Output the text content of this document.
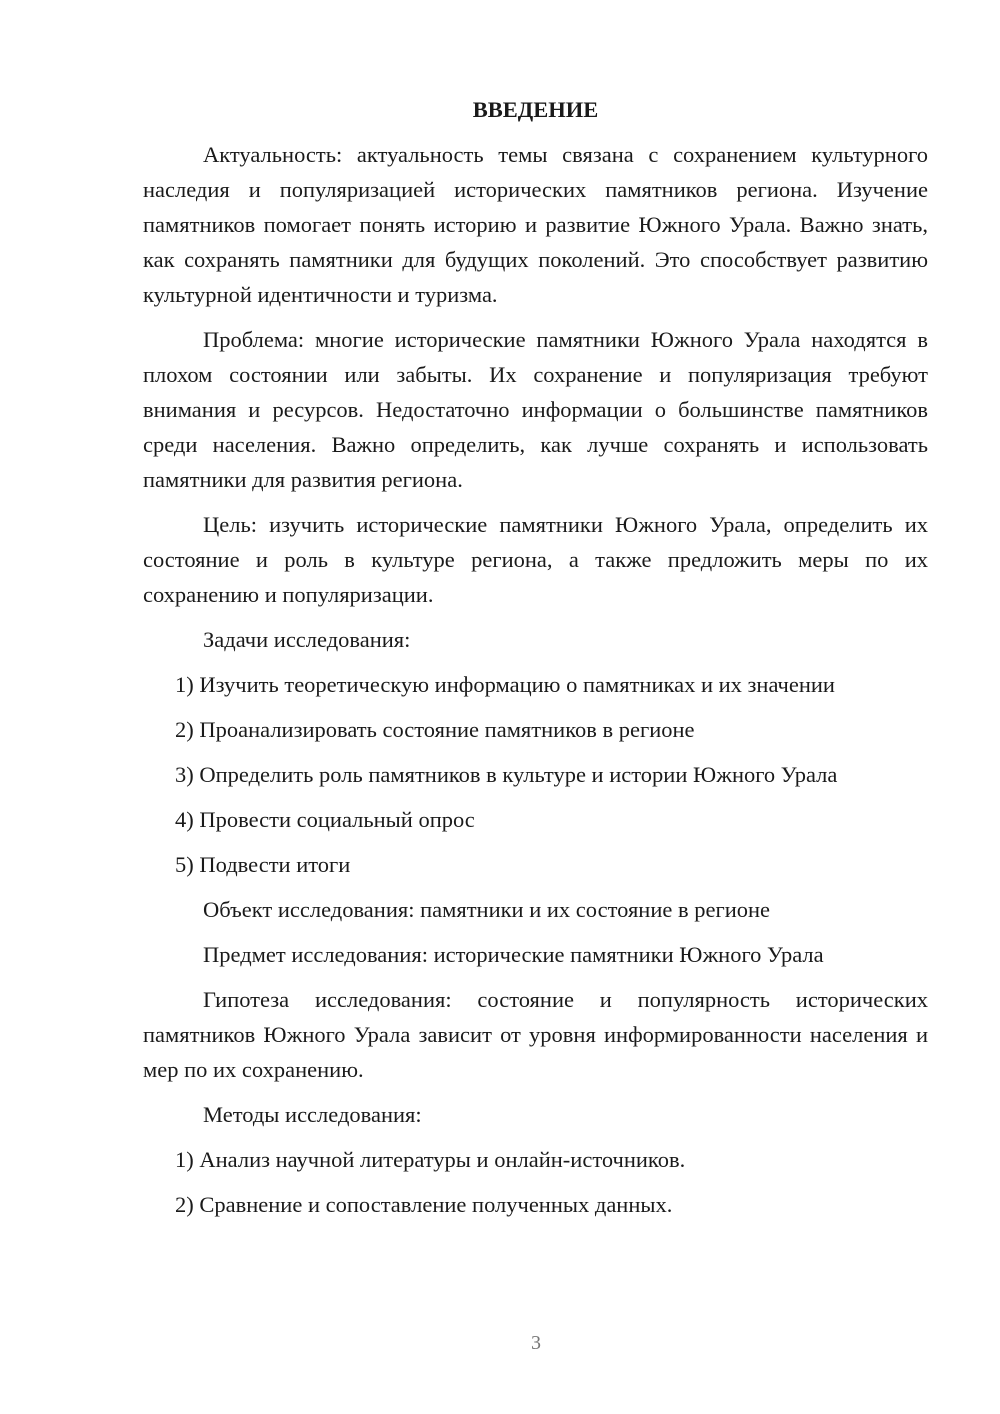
ВВЕДЕНИЕ

Актуальность: актуальность темы связана с сохранением культурного наследия и популяризацией исторических памятников региона. Изучение памятников помогает понять историю и развитие Южного Урала. Важно знать, как сохранять памятники для будущих поколений. Это способствует развитию культурной идентичности и туризма.

Проблема: многие исторические памятники Южного Урала находятся в плохом состоянии или забыты. Их сохранение и популяризация требуют внимания и ресурсов. Недостаточно информации о большинстве памятников среди населения. Важно определить, как лучше сохранять и использовать памятники для развития региона.

Цель: изучить исторические памятники Южного Урала, определить их состояние и роль в культуре региона, а также предложить меры по их сохранению и популяризации.

Задачи исследования:
1) Изучить теоретическую информацию о памятниках и их значении
2) Проанализировать состояние памятников в регионе
3) Определить роль памятников в культуре и истории Южного Урала
4) Провести социальный опрос
5) Подвести итоги
Объект исследования: памятники и их состояние в регионе
Предмет исследования: исторические памятники Южного Урала

Гипотеза исследования: состояние и популярность исторических памятников Южного Урала зависит от уровня информированности населения и мер по их сохранению.

Методы исследования:
1) Анализ научной литературы и онлайн-источников.
2) Сравнение и сопоставление полученных данных.
3
